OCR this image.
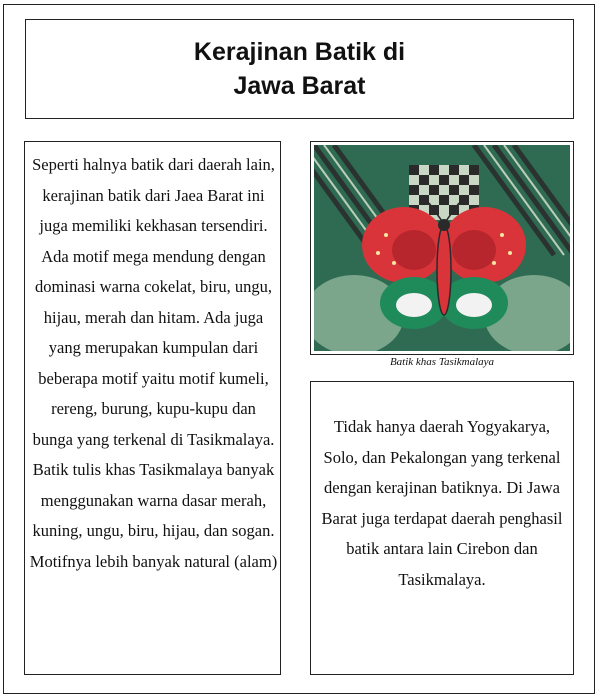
Kerajinan Batik di
Jawa Barat
Seperti halnya batik dari daerah lain, kerajinan batik dari Jaea Barat ini juga memiliki kekhasan tersendiri. Ada motif mega mendung dengan dominasi warna cokelat, biru, ungu, hijau, merah dan hitam. Ada juga yang merupakan kumpulan dari beberapa motif yaitu motif kumeli, rereng, burung, kupu-kupu dan bunga yang terkenal di Tasikmalaya. Batik tulis khas Tasikmalaya banyak menggunakan warna dasar merah, kuning, ungu, biru, hijau, dan sogan. Motifnya lebih banyak natural (alam)
Batik khas Tasikmalaya
Tidak hanya daerah Yogyakarya, Solo, dan Pekalongan yang terkenal dengan kerajinan batiknya. Di Jawa Barat juga terdapat daerah penghasil batik antara lain Cirebon dan Tasikmalaya.
